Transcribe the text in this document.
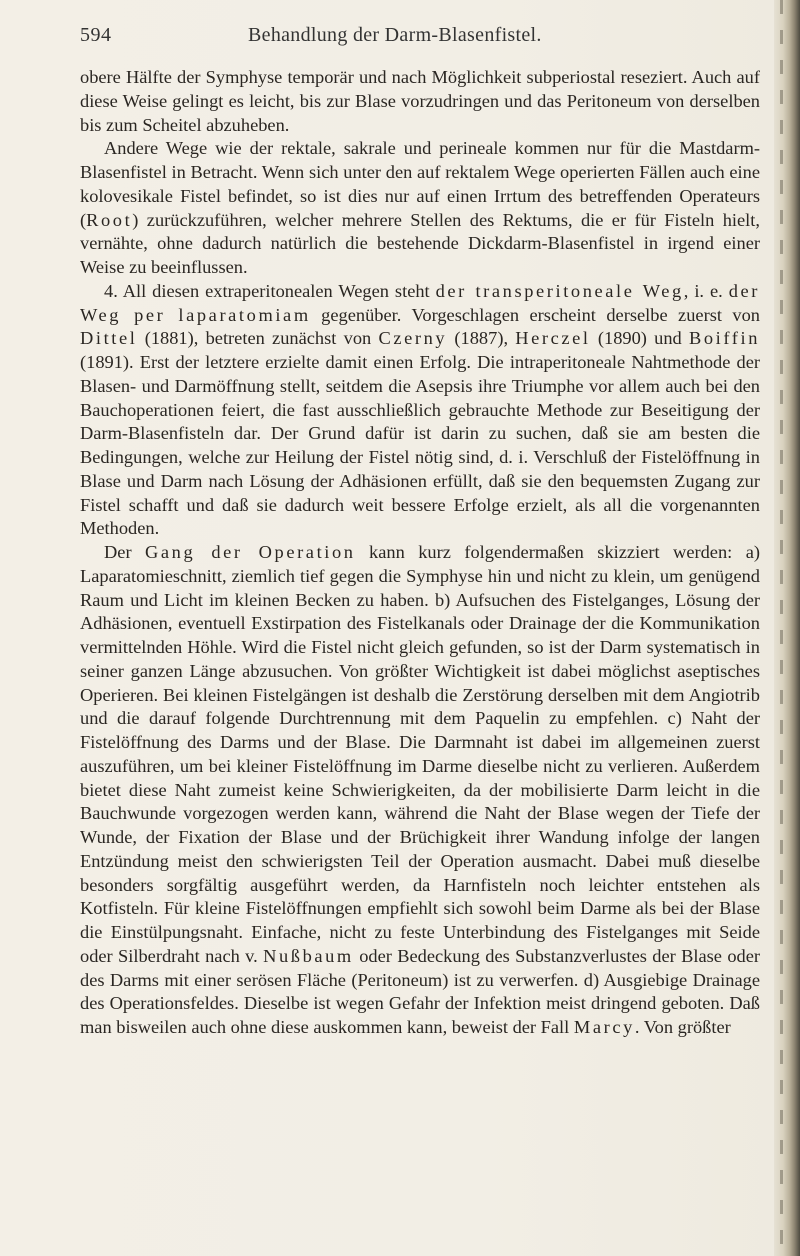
594	Behandlung der Darm-Blasenfistel.

obere Hälfte der Symphyse temporär und nach Möglichkeit subperiostal reseziert. Auch auf diese Weise gelingt es leicht, bis zur Blase vorzudringen und das Peritoneum von derselben bis zum Scheitel abzuheben.

Andere Wege wie der rektale, sakrale und perineale kommen nur für die Mastdarm-Blasenfistel in Betracht. Wenn sich unter den auf rektalem Wege operierten Fällen auch eine kolovesikale Fistel befindet, so ist dies nur auf einen Irrtum des betreffenden Operateurs (Root) zurückzuführen, welcher mehrere Stellen des Rektums, die er für Fisteln hielt, vernähte, ohne dadurch natürlich die bestehende Dickdarm-Blasenfistel in irgend einer Weise zu beeinflussen.

4. All diesen extraperitonealen Wegen steht der transperitoneale Weg, i. e. der Weg per laparatomiam gegenüber. Vorgeschlagen erscheint derselbe zuerst von Dittel (1881), betreten zunächst von Czerny (1887), Herczel (1890) und Boiffin (1891). Erst der letztere erzielte damit einen Erfolg. Die intraperitoneale Nahtmethode der Blasen- und Darmöffnung stellt, seitdem die Asepsis ihre Triumphe vor allem auch bei den Bauchoperationen feiert, die fast ausschließlich gebrauchte Methode zur Beseitigung der Darm-Blasenfisteln dar. Der Grund dafür ist darin zu suchen, daß sie am besten die Bedingungen, welche zur Heilung der Fistel nötig sind, d. i. Verschluß der Fistelöffnung in Blase und Darm nach Lösung der Adhäsionen erfüllt, daß sie den bequemsten Zugang zur Fistel schafft und daß sie dadurch weit bessere Erfolge erzielt, als all die vorgenannten Methoden.

Der Gang der Operation kann kurz folgendermaßen skizziert werden: a) Laparatomieschnitt, ziemlich tief gegen die Symphyse hin und nicht zu klein, um genügend Raum und Licht im kleinen Becken zu haben. b) Aufsuchen des Fistelganges, Lösung der Adhäsionen, eventuell Exstirpation des Fistelkanals oder Drainage der die Kommunikation vermittelnden Höhle. Wird die Fistel nicht gleich gefunden, so ist der Darm systematisch in seiner ganzen Länge abzusuchen. Von größter Wichtigkeit ist dabei möglichst aseptisches Operieren. Bei kleinen Fistelgängen ist deshalb die Zerstörung derselben mit dem Angiotrib und die darauf folgende Durchtrennung mit dem Paquelin zu empfehlen. c) Naht der Fistelöffnung des Darms und der Blase. Die Darmnaht ist dabei im allgemeinen zuerst auszuführen, um bei kleiner Fistelöffnung im Darme dieselbe nicht zu verlieren. Außerdem bietet diese Naht zumeist keine Schwierigkeiten, da der mobilisierte Darm leicht in die Bauchwunde vorgezogen werden kann, während die Naht der Blase wegen der Tiefe der Wunde, der Fixation der Blase und der Brüchigkeit ihrer Wandung infolge der langen Entzündung meist den schwierigsten Teil der Operation ausmacht. Dabei muß dieselbe besonders sorgfältig ausgeführt werden, da Harnfisteln noch leichter entstehen als Kotfisteln. Für kleine Fistelöffnungen empfiehlt sich sowohl beim Darme als bei der Blase die Einstülpungsnaht. Einfache, nicht zu feste Unterbindung des Fistelganges mit Seide oder Silberdraht nach v. Nußbaum oder Bedeckung des Substanzverlustes der Blase oder des Darms mit einer serösen Fläche (Peritoneum) ist zu verwerfen. d) Ausgiebige Drainage des Operationsfeldes. Dieselbe ist wegen Gefahr der Infektion meist dringend geboten. Daß man bisweilen auch ohne diese auskommen kann, beweist der Fall Marcy. Von größter
